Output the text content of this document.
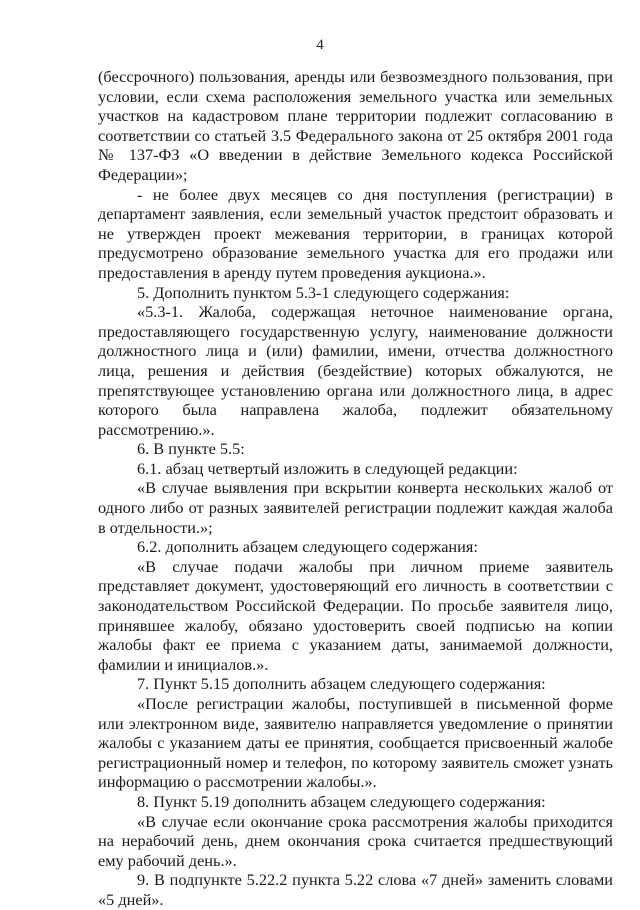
4

(бессрочного) пользования, аренды или безвозмездного пользования, при условии, если схема расположения земельного участка или земельных участков на кадастровом плане территории подлежит согласованию в соответствии со статьей 3.5 Федерального закона от 25 октября 2001 года № 137-ФЗ «О введении в действие Земельного кодекса Российской Федерации»;

- не более двух месяцев со дня поступления (регистрации) в департамент заявления, если земельный участок предстоит образовать и не утвержден проект межевания территории, в границах которой предусмотрено образование земельного участка для его продажи или предоставления в аренду путем проведения аукциона.».

5. Дополнить пунктом 5.3-1 следующего содержания:

«5.3-1. Жалоба, содержащая неточное наименование органа, предоставляющего государственную услугу, наименование должности должностного лица и (или) фамилии, имени, отчества должностного лица, решения и действия (бездействие) которых обжалуются, не препятствующее установлению органа или должностного лица, в адрес которого была направлена жалоба, подлежит обязательному рассмотрению.».

6. В пункте 5.5:

6.1. абзац четвертый изложить в следующей редакции:

«В случае выявления при вскрытии конверта нескольких жалоб от одного либо от разных заявителей регистрации подлежит каждая жалоба в отдельности.»;

6.2. дополнить абзацем следующего содержания:

«В случае подачи жалобы при личном приеме заявитель представляет документ, удостоверяющий его личность в соответствии с законодательством Российской Федерации. По просьбе заявителя лицо, принявшее жалобу, обязано удостоверить своей подписью на копии жалобы факт ее приема с указанием даты, занимаемой должности, фамилии и инициалов.».

7. Пункт 5.15 дополнить абзацем следующего содержания:

«После регистрации жалобы, поступившей в письменной форме или электронном виде, заявителю направляется уведомление о принятии жалобы с указанием даты ее принятия, сообщается присвоенный жалобе регистрационный номер и телефон, по которому заявитель сможет узнать информацию о рассмотрении жалобы.».

8. Пункт 5.19 дополнить абзацем следующего содержания:

«В случае если окончание срока рассмотрения жалобы приходится на нерабочий день, днем окончания срока считается предшествующий ему рабочий день.».

9. В подпункте 5.22.2 пункта 5.22 слова «7 дней» заменить словами «5 дней».
